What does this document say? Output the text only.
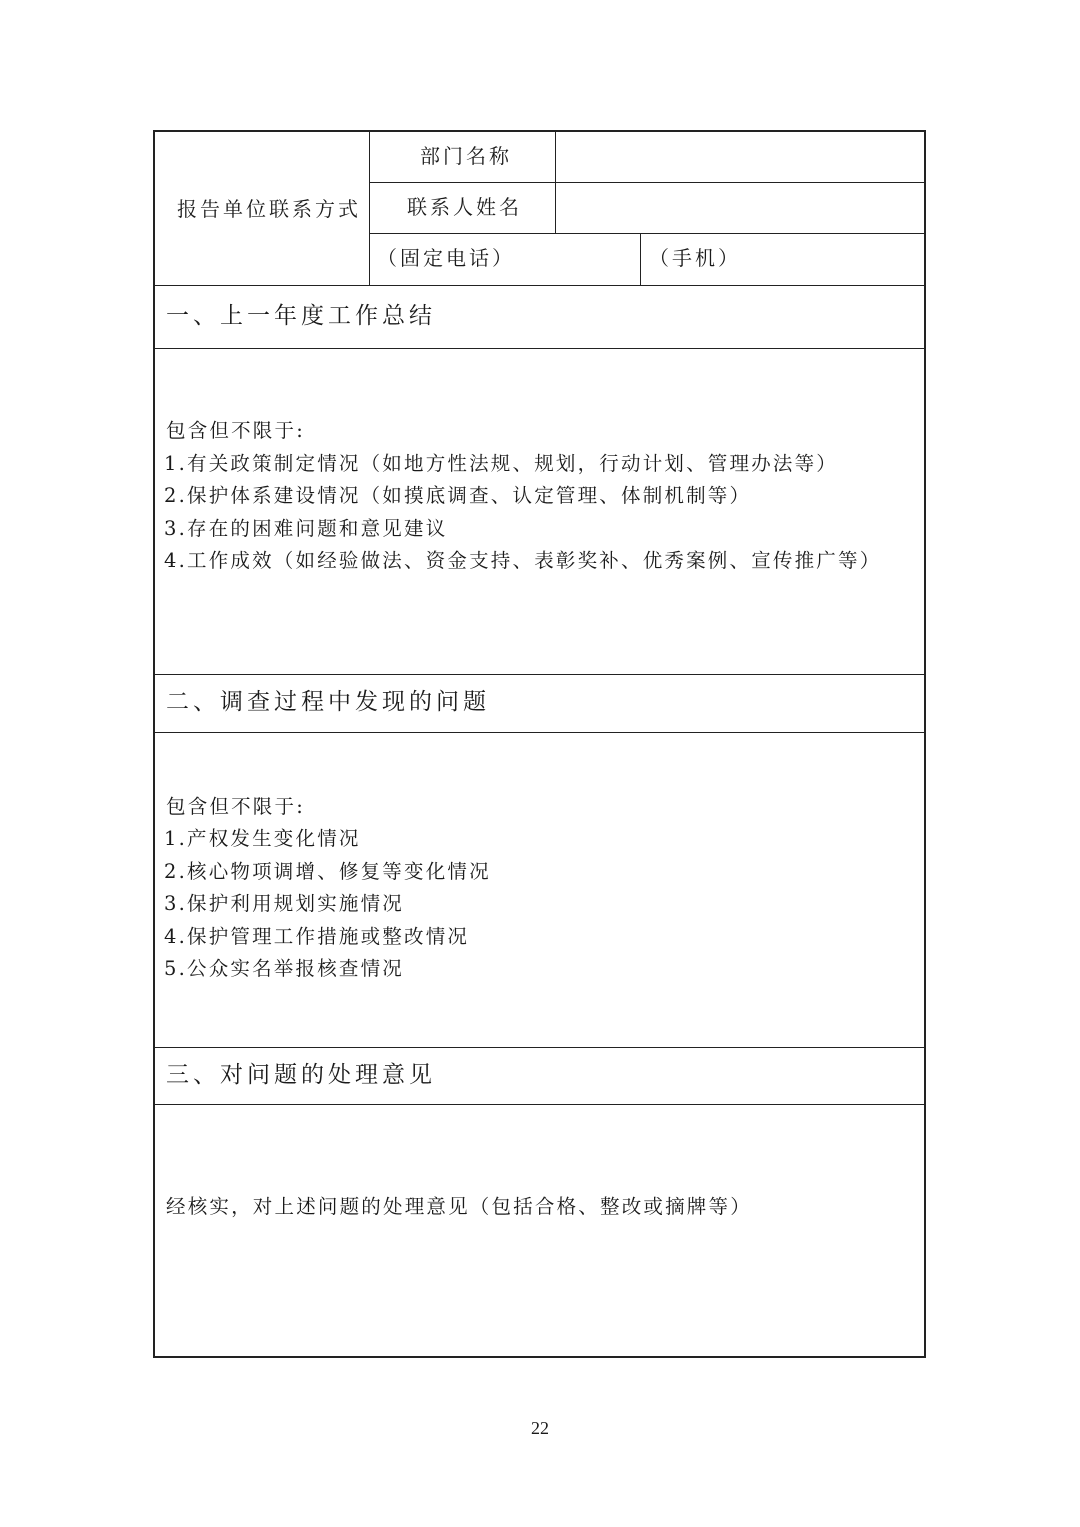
报告单位联系方式
部门名称
联系人姓名
（固定电话）	（手机）
一、上一年度工作总结
包含但不限于:
1.有关政策制定情况（如地方性法规、规划，行动计划、管理办法等）
2.保护体系建设情况（如摸底调查、认定管理、体制机制等）
3.存在的困难问题和意见建议
4.工作成效（如经验做法、资金支持、表彰奖补、优秀案例、宣传推广等）
二、调查过程中发现的问题
包含但不限于:
1.产权发生变化情况
2.核心物项调增、修复等变化情况
3.保护利用规划实施情况
4.保护管理工作措施或整改情况
5.公众实名举报核查情况
三、对问题的处理意见
经核实，对上述问题的处理意见（包括合格、整改或摘牌等）
22
